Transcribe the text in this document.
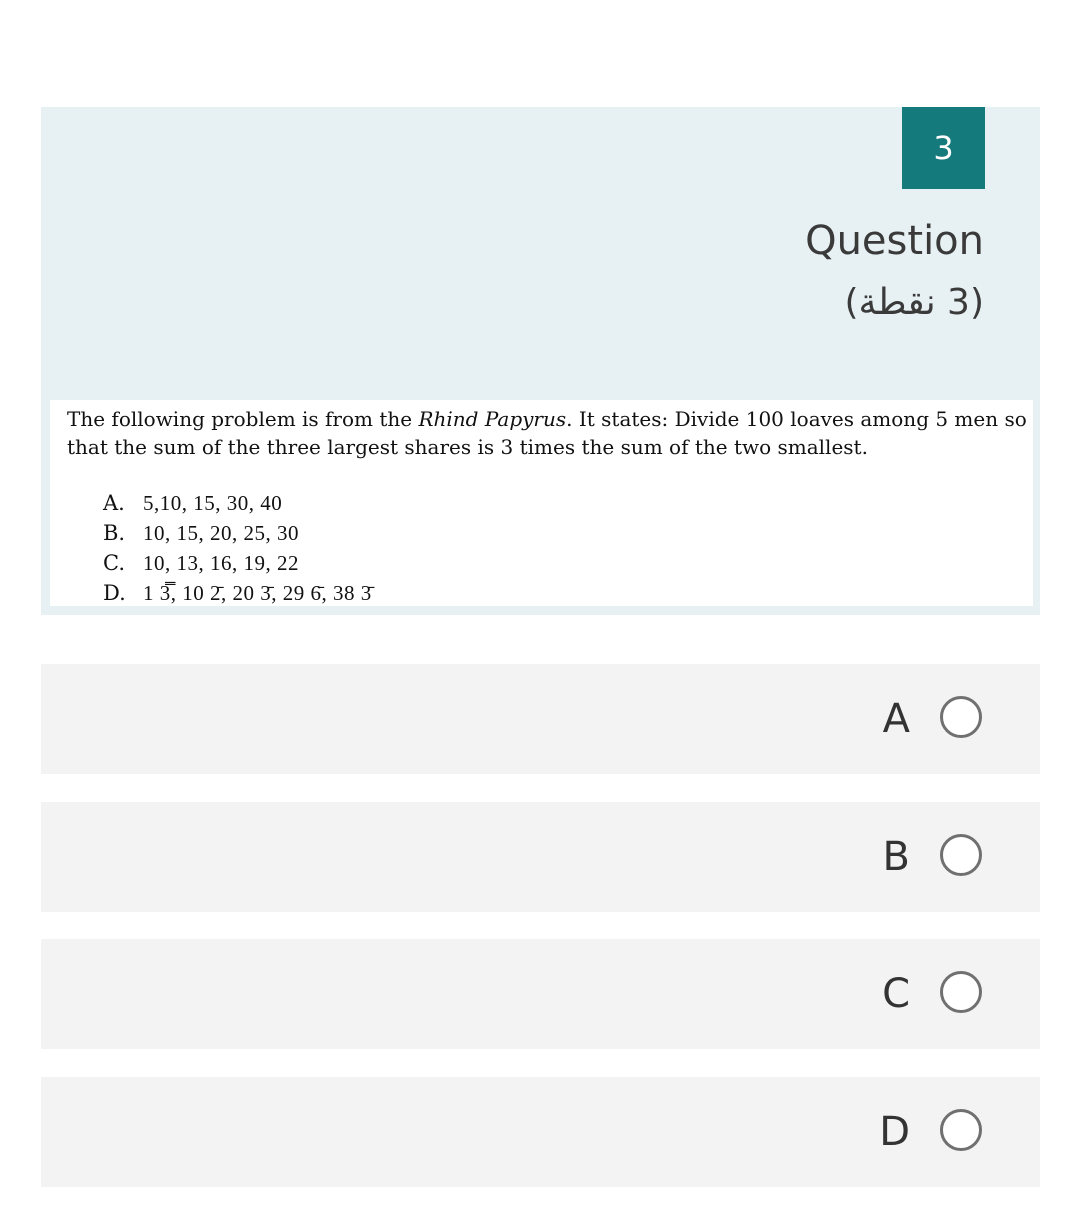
3
Question
(3 نقطة)
The following problem is from the Rhind Papyrus. It states: Divide 100 loaves among 5 men so that the sum of the three largest shares is 3 times the sum of the two smallest.
A. 5,10, 15, 30, 40
B. 10, 15, 20, 25, 30
C. 10, 13, 16, 19, 22
D. 1 3̿, 10 2̄, 20 3̄, 29 6̄, 38 3̄
A
B
C
D
